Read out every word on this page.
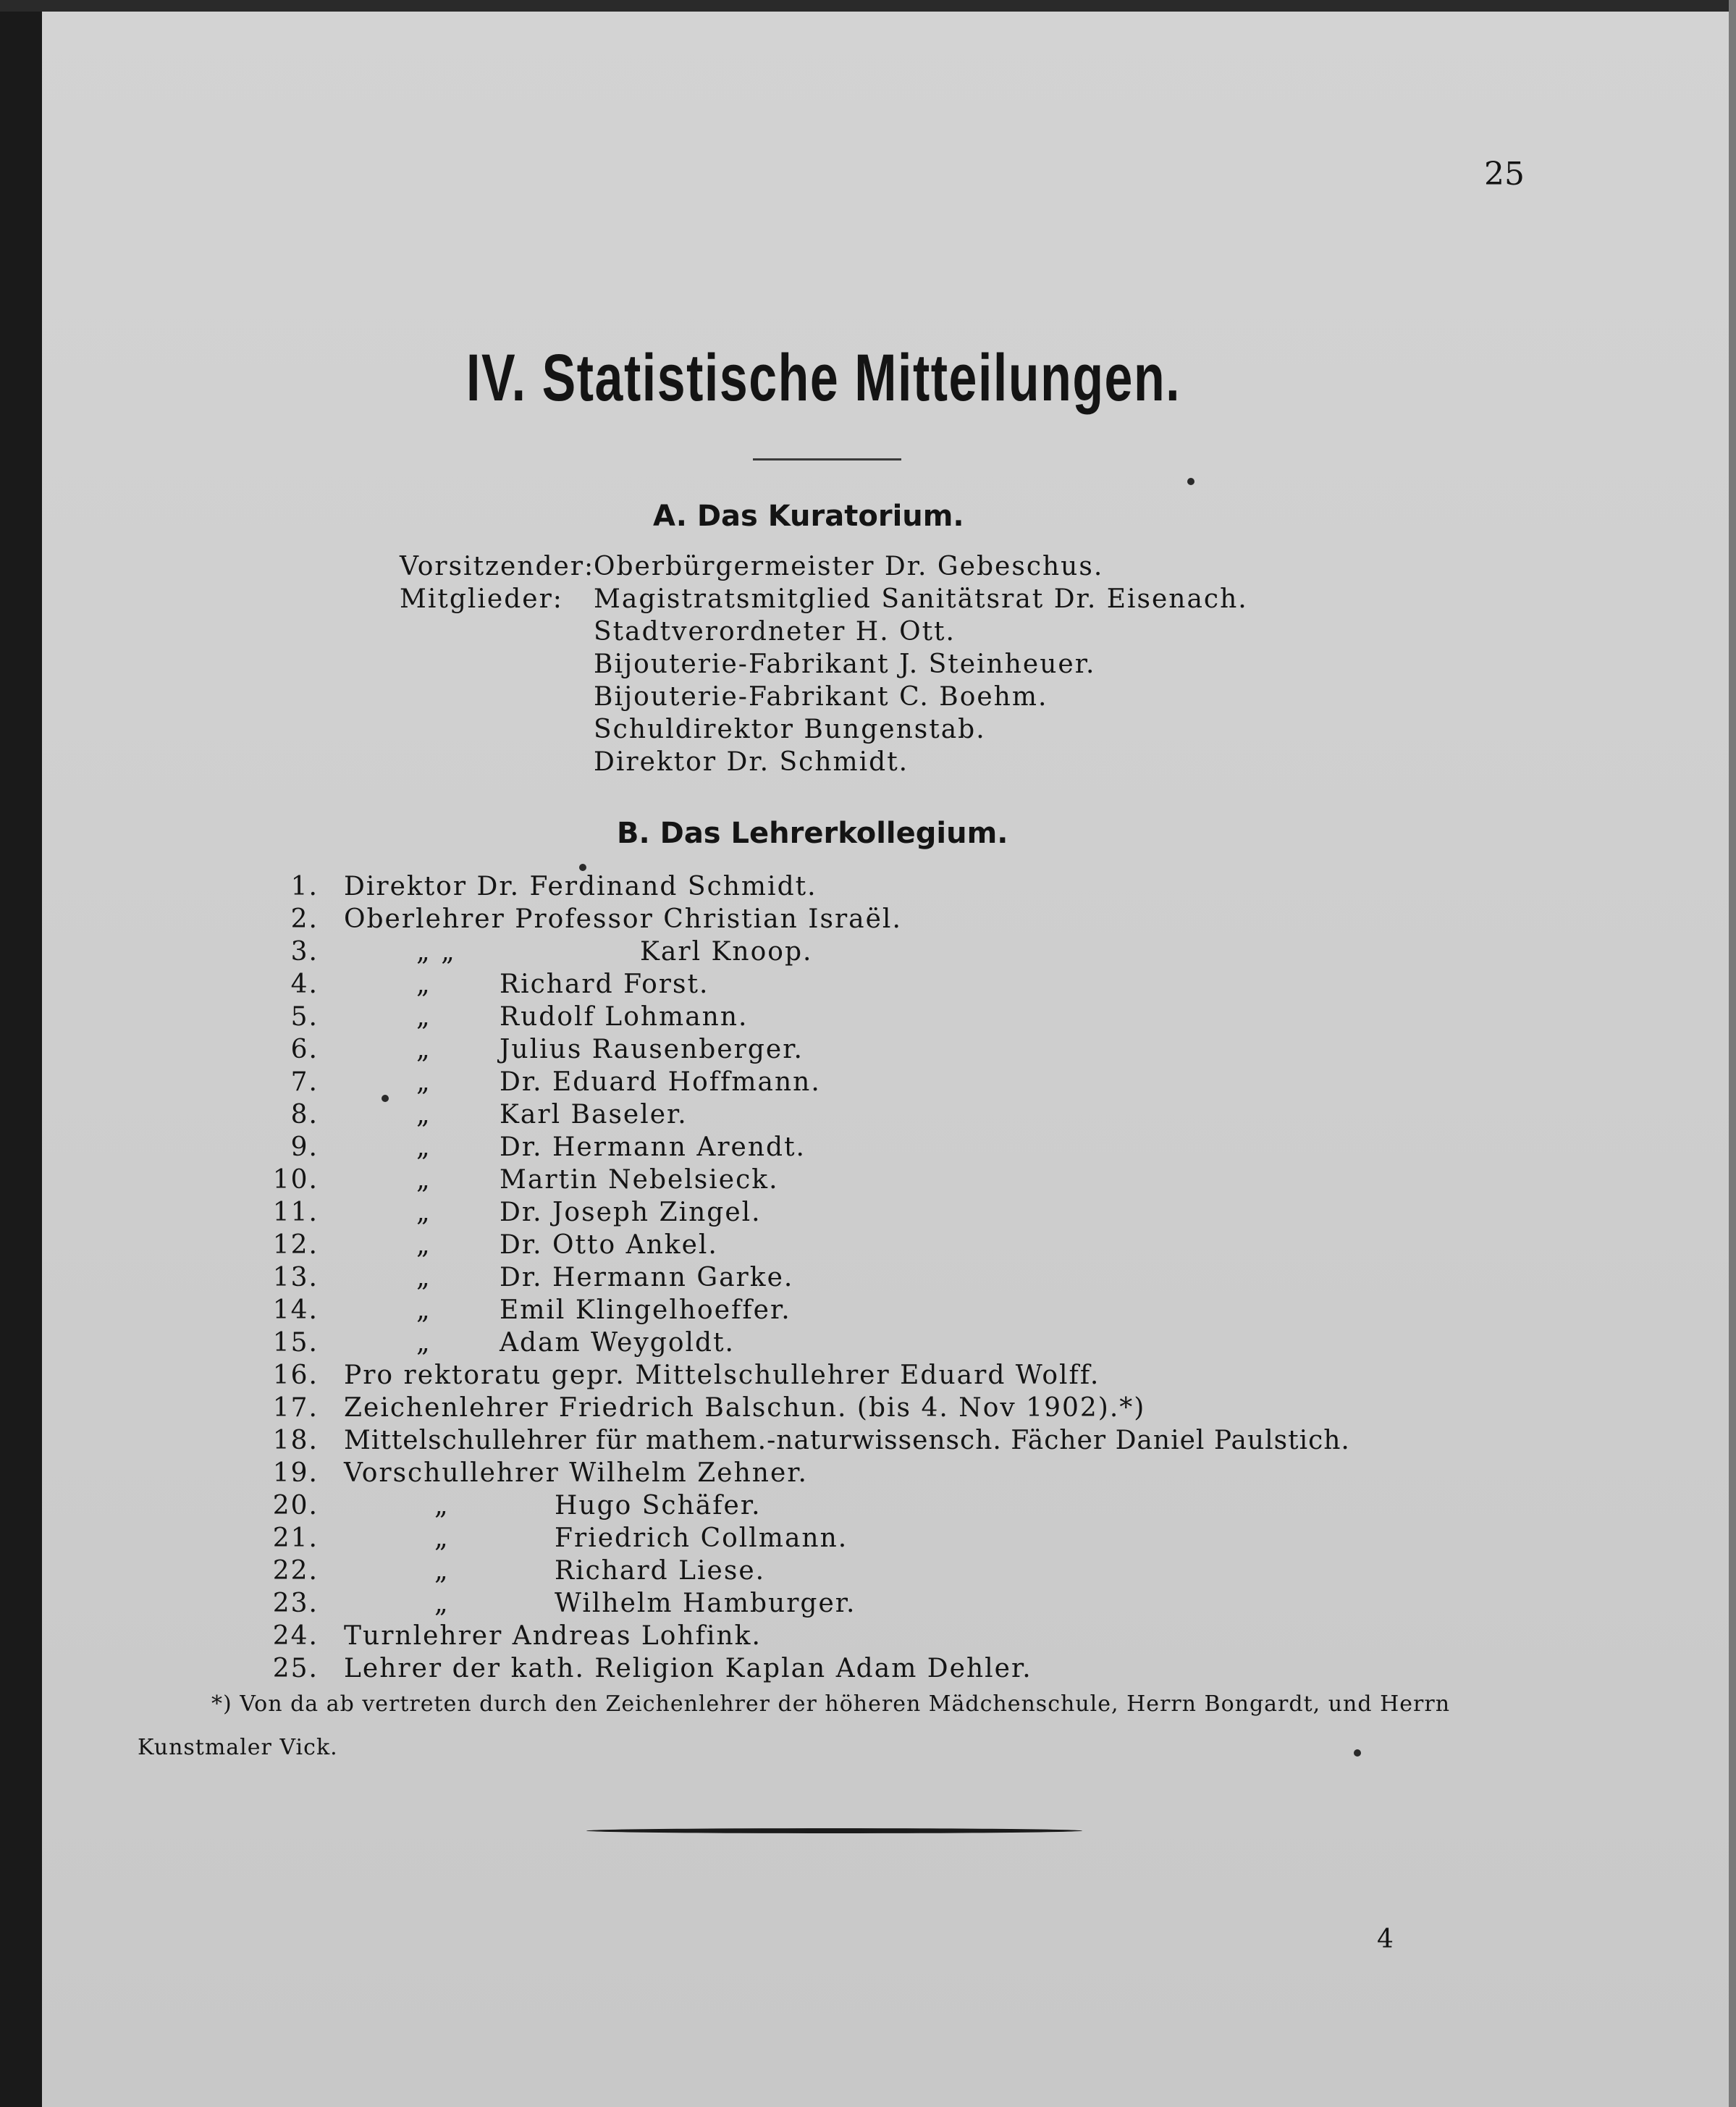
25
IV. Statistische Mitteilungen.
A. Das Kuratorium.
Vorsitzender:
Oberbürgermeister Dr. Gebeschus.
Mitglieder: Magistratsmitglied Sanitätsrat Dr. Eisenach.
Stadtverordneter H. Ott.
Bijouterie-Fabrikant J. Steinheuer.
Bijouterie-Fabrikant C. Boehm.
Schuldirektor Bungenstab.
Direktor Dr. Schmidt.
B. Das Lehrerkollegium.
1. Direktor Dr. Ferdinand Schmidt.
2. Oberlehrer Professor Christian Israël.
3.	„ „	Karl Knoop.
4.	„	Richard Forst.
5.	„	Rudolf Lohmann.
6.	„	Julius Rausenberger.
7.	„	Dr. Eduard Hoffmann.
8.	„	Karl Baseler.
9.	„	Dr. Hermann Arendt.
10.	„	Martin Nebelsieck.
11.	„	Dr. Joseph Zingel.
12.	„	Dr. Otto Ankel.
13.	„	Dr. Hermann Garke.
14.	„	Emil Klingelhoeffer.
15.	„	Adam Weygoldt.
16. Pro rektoratu gepr. Mittelschullehrer Eduard Wolff.
17. Zeichenlehrer Friedrich Balschun. (bis 4. Nov 1902).*)
18. Mittelschullehrer für mathem.-naturwissensch. Fächer Daniel Paulstich.
19. Vorschullehrer Wilhelm Zehner.
20.	„	Hugo Schäfer.
21.	„	Friedrich Collmann.
22.	„	Richard Liese.
23.	„	Wilhelm Hamburger.
24. Turnlehrer Andreas Lohfink.
25. Lehrer der kath. Religion Kaplan Adam Dehler.
*) Von da ab vertreten durch den Zeichenlehrer der höheren Mädchenschule, Herrn Bongardt, und Herrn
Kunstmaler Vick.
4
